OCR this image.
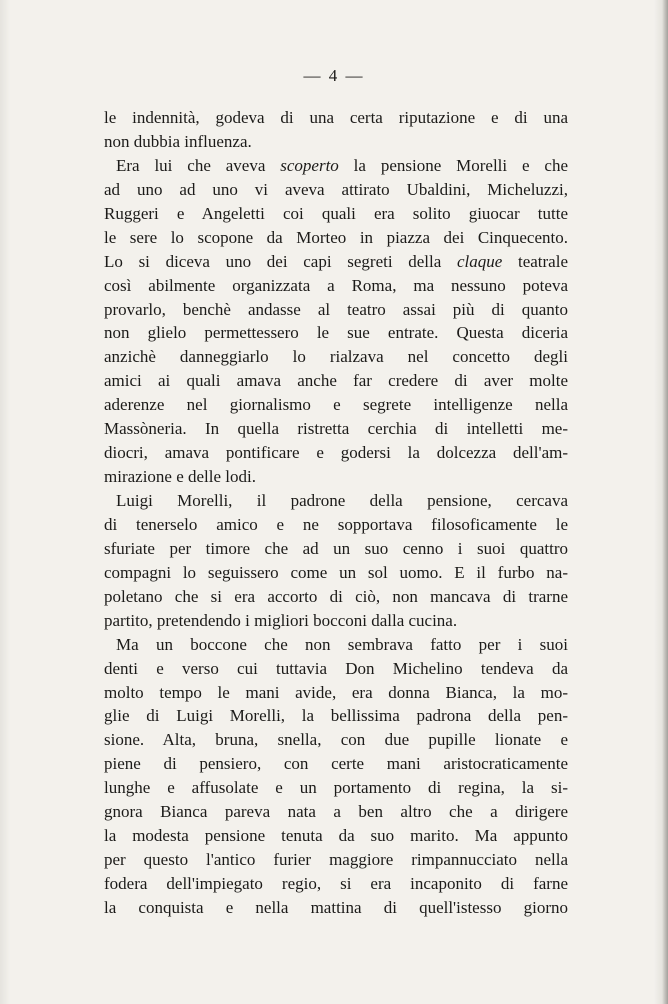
— 4 —
le indennità, godeva di una certa riputazione e di una
non dubbia influenza.
Era lui che aveva scoperto la pensione Morelli e che
ad uno ad uno vi aveva attirato Ubaldini, Micheluzzi,
Ruggeri e Angeletti coi quali era solito giuocar tutte
le sere lo scopone da Morteo in piazza dei Cinquecento.
Lo si diceva uno dei capi segreti della claque teatrale
così abilmente organizzata a Roma, ma nessuno poteva
provarlo, benchè andasse al teatro assai più di quanto
non glielo permettessero le sue entrate. Questa diceria
anzichè danneggiarlo lo rialzava nel concetto degli
amici ai quali amava anche far credere di aver molte
aderenze nel giornalismo e segrete intelligenze nella
Massòneria. In quella ristretta cerchia di intelletti me-
diocri, amava pontificare e godersi la dolcezza dell'am-
mirazione e delle lodi.
Luigi Morelli, il padrone della pensione, cercava
di tenerselo amico e ne sopportava filosoficamente le
sfuriate per timore che ad un suo cenno i suoi quattro
compagni lo seguissero come un sol uomo. E il furbo na-
poletano che si era accorto di ciò, non mancava di trarne
partito, pretendendo i migliori bocconi dalla cucina.
Ma un boccone che non sembrava fatto per i suoi
denti e verso cui tuttavia Don Michelino tendeva da
molto tempo le mani avide, era donna Bianca, la mo-
glie di Luigi Morelli, la bellissima padrona della pen-
sione. Alta, bruna, snella, con due pupille lionate e
piene di pensiero, con certe mani aristocraticamente
lunghe e affusolate e un portamento di regina, la si-
gnora Bianca pareva nata a ben altro che a dirigere
la modesta pensione tenuta da suo marito. Ma appunto
per questo l'antico furier maggiore rimpannucciato nella
fodera dell'impiegato regio, si era incaponito di farne
la conquista e nella mattina di quell'istesso giorno
